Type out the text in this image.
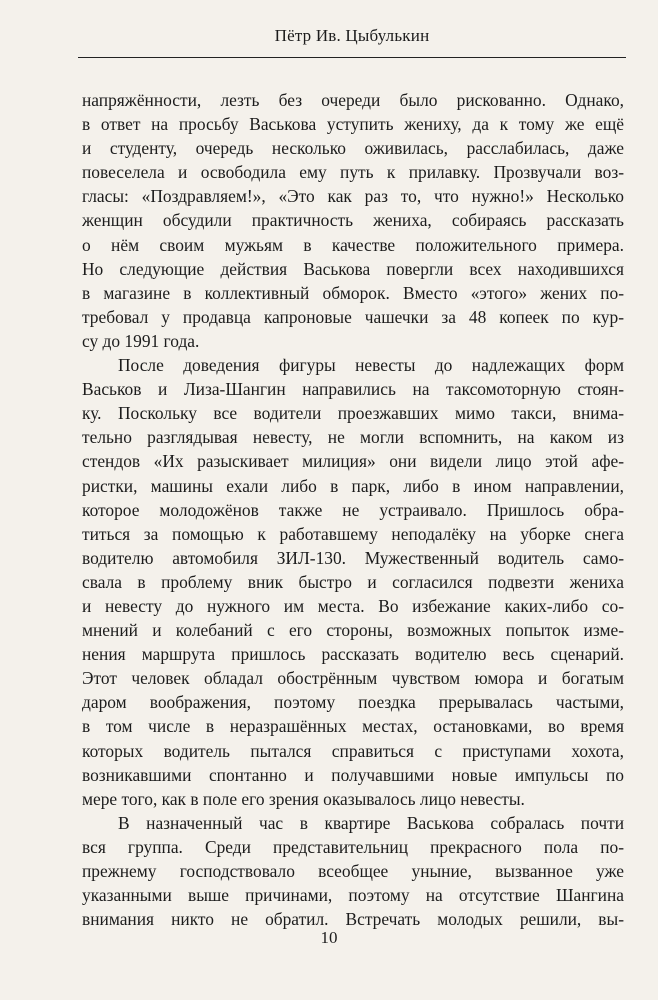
Пётр Ив. Цыбулькин

напряжённости, лезть без очереди было рискованно. Однако,
в ответ на просьбу Васькова уступить жениху, да к тому же ещё
и студенту, очередь несколько оживилась, расслабилась, даже
повеселела и освободила ему путь к прилавку. Прозвучали воз-
гласы: «Поздравляем!», «Это как раз то, что нужно!» Несколько
женщин обсудили практичность жениха, собираясь рассказать
о нём своим мужьям в качестве положительного примера.
Но следующие действия Васькова повергли всех находившихся
в магазине в коллективный обморок. Вместо «этого» жених по-
требовал у продавца капроновые чашечки за 48 копеек по кур-
су до 1991 года.

После доведения фигуры невесты до надлежащих форм
Васьков и Лиза-Шангин направились на таксомоторную стоян-
ку. Поскольку все водители проезжавших мимо такси, внима-
тельно разглядывая невесту, не могли вспомнить, на каком из
стендов «Их разыскивает милиция» они видели лицо этой афе-
ристки, машины ехали либо в парк, либо в ином направлении,
которое молодожёнов также не устраивало. Пришлось обра-
титься за помощью к работавшему неподалёку на уборке снега
водителю автомобиля ЗИЛ-130. Мужественный водитель само-
свала в проблему вник быстро и согласился подвезти жениха
и невесту до нужного им места. Во избежание каких-либо со-
мнений и колебаний с его стороны, возможных попыток изме-
нения маршрута пришлось рассказать водителю весь сценарий.
Этот человек обладал обострённым чувством юмора и богатым
даром воображения, поэтому поездка прерывалась частыми,
в том числе в неразрашённых местах, остановками, во время
которых водитель пытался справиться с приступами хохота,
возникавшими спонтанно и получавшими новые импульсы по
мере того, как в поле его зрения оказывалось лицо невесты.

В назначенный час в квартире Васькова собралась почти
вся группа. Среди представительниц прекрасного пола по-
прежнему господствовало всеобщее уныние, вызванное уже
указанными выше причинами, поэтому на отсутствие Шангина
внимания никто не обратил. Встречать молодых решили, вы-

10
